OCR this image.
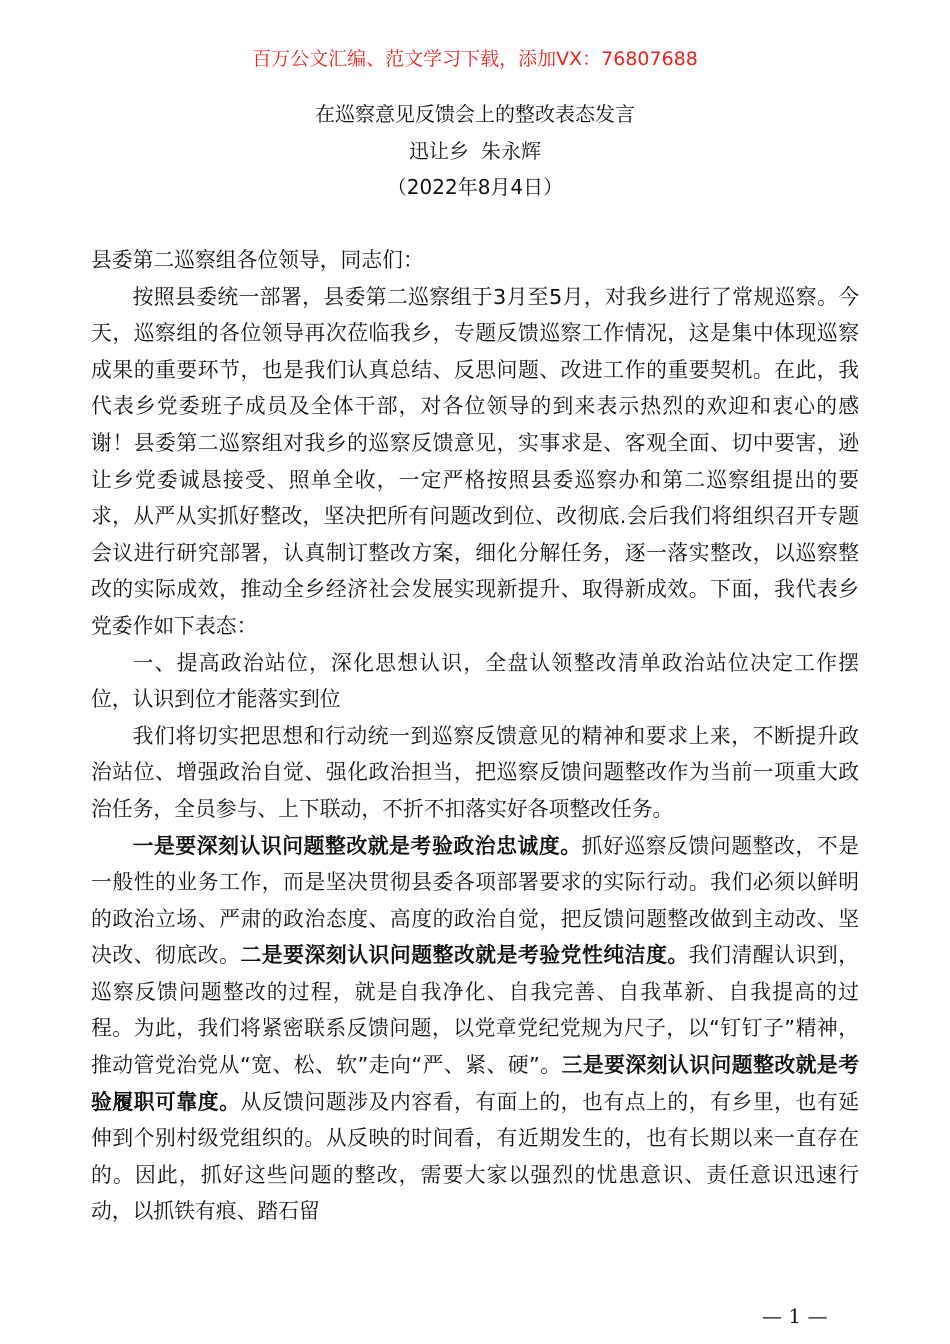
百万公文汇编、范文学习下载，添加VX：76807688
在巡察意见反馈会上的整改表态发言
迅让乡 朱永辉
（2022年8月4日）

县委第二巡察组各位领导，同志们：

按照县委统一部署，县委第二巡察组于3月至5月，对我乡进行了常规巡察。今天，巡察组的各位领导再次莅临我乡，专题反馈巡察工作情况，这是集中体现巡察成果的重要环节，也是我们认真总结、反思问题、改进工作的重要契机。在此，我代表乡党委班子成员及全体干部，对各位领导的到来表示热烈的欢迎和衷心的感谢！县委第二巡察组对我乡的巡察反馈意见，实事求是、客观全面、切中要害，逊让乡党委诚恳接受、照单全收，一定严格按照县委巡察办和第二巡察组提出的要求，从严从实抓好整改，坚决把所有问题改到位、改彻底.会后我们将组织召开专题会议进行研究部署，认真制订整改方案，细化分解任务，逐一落实整改，以巡察整改的实际成效，推动全乡经济社会发展实现新提升、取得新成效。下面，我代表乡党委作如下表态：

一、提高政治站位，深化思想认识，全盘认领整改清单政治站位决定工作摆位，认识到位才能落实到位

我们将切实把思想和行动统一到巡察反馈意见的精神和要求上来，不断提升政治站位、增强政治自觉、强化政治担当，把巡察反馈问题整改作为当前一项重大政治任务，全员参与、上下联动，不折不扣落实好各项整改任务。

一是要深刻认识问题整改就是考验政治忠诚度。抓好巡察反馈问题整改，不是一般性的业务工作，而是坚决贯彻县委各项部署要求的实际行动。我们必须以鲜明的政治立场、严肃的政治态度、高度的政治自觉，把反馈问题整改做到主动改、坚决改、彻底改。二是要深刻认识问题整改就是考验党性纯洁度。我们清醒认识到，巡察反馈问题整改的过程，就是自我净化、自我完善、自我革新、自我提高的过程。为此，我们将紧密联系反馈问题，以党章党纪党规为尺子，以“钉钉子”精神，推动管党治党从“宽、松、软”走向“严、紧、硬”。三是要深刻认识问题整改就是考验履职可靠度。从反馈问题涉及内容看，有面上的，也有点上的，有乡里，也有延伸到个别村级党组织的。从反映的时间看，有近期发生的，也有长期以来一直存在的。因此，抓好这些问题的整改，需要大家以强烈的忧患意识、责任意识迅速行动，以抓铁有痕、踏石留

— 1 —
